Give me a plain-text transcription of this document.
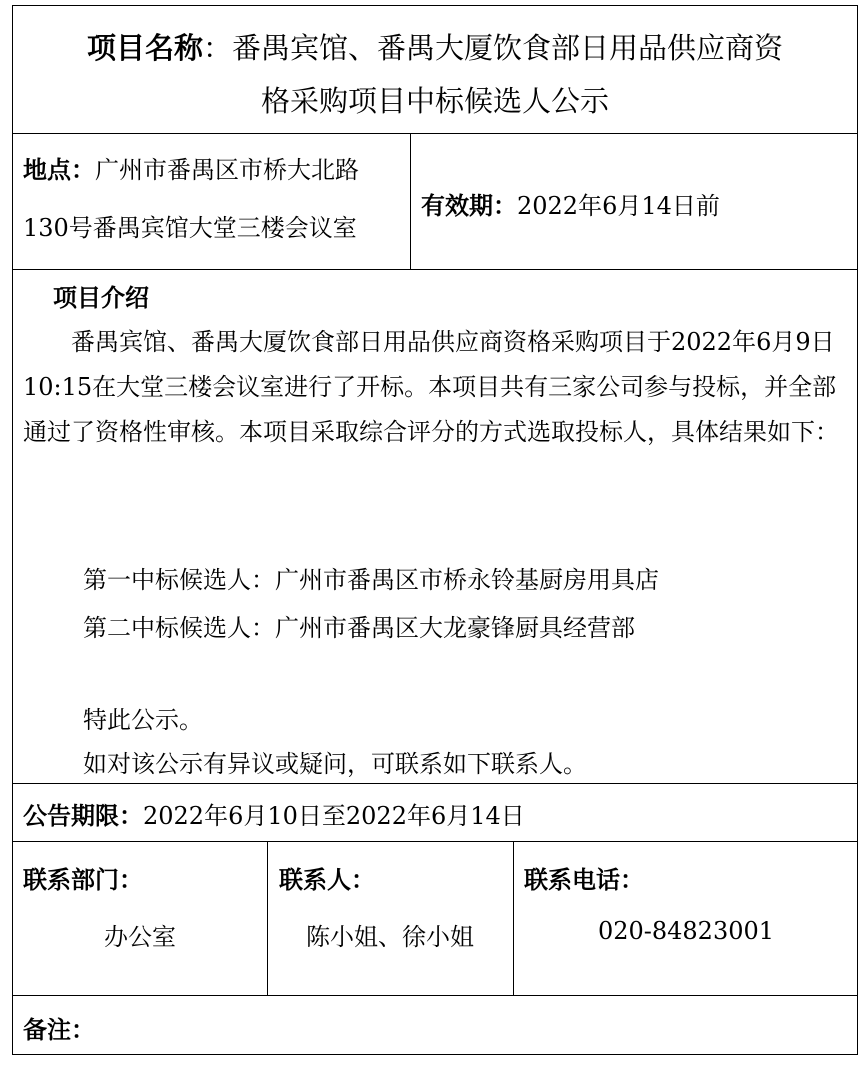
项目名称：番禺宾馆、番禺大厦饮食部日用品供应商资
格采购项目中标候选人公示
地点：广州市番禺区市桥大北路
130号番禺宾馆大堂三楼会议室
有效期：2022年6月14日前
项目介绍

番禺宾馆、番禺大厦饮食部日用品供应商资格采购项目于2022年6月9日10:15在大堂三楼会议室进行了开标。本项目共有三家公司参与投标，并全部通过了资格性审核。本项目采取综合评分的方式选取投标人，具体结果如下：

第一中标候选人：广州市番禺区市桥永铃基厨房用具店

第二中标候选人：广州市番禺区大龙豪锋厨具经营部

特此公示。

如对该公示有异议或疑问，可联系如下联系人。

公告期限：2022年6月10日至2022年6月14日
联系部门：
办公室
联系人：
陈小姐、徐小姐
联系电话：
020-84823001
备注：
